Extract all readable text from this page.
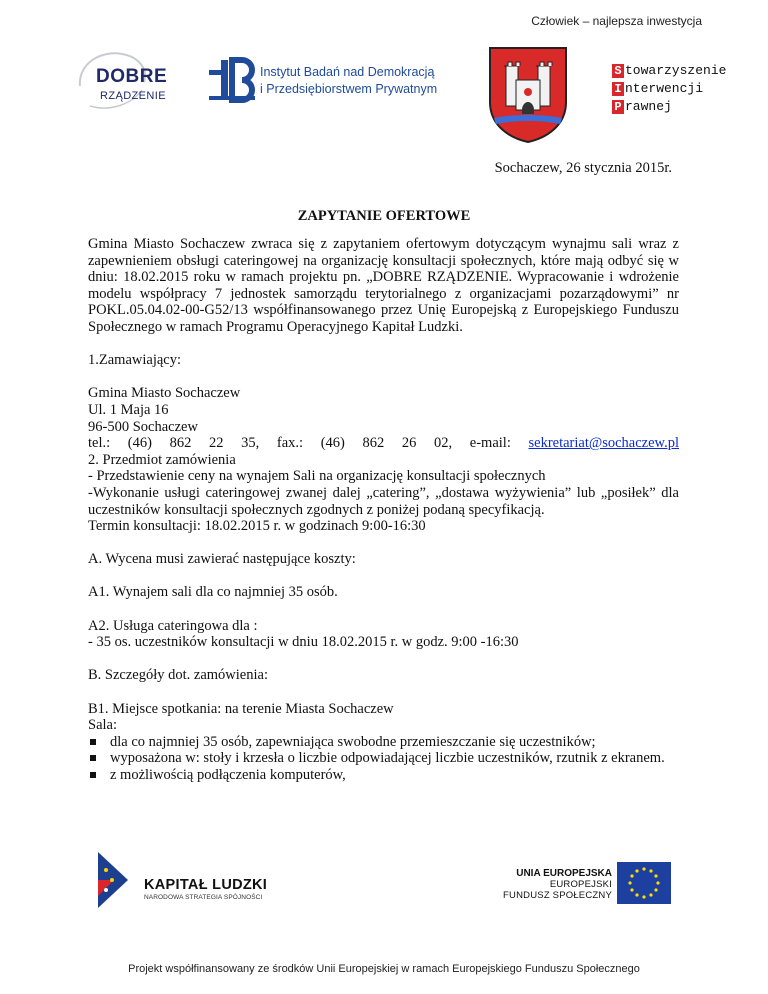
Człowiek – najlepsza inwestycja
DOBRE
RZĄDZENIE
Instytut Badań nad Demokracją
i Przedsiębiorstwem Prywatnym
S towarzyszenie
I nterwencji
P rawnej
Sochaczew, 26 stycznia 2015r.
ZAPYTANIE OFERTOWE

Gmina Miasto Sochaczew zwraca się z zapytaniem ofertowym dotyczącym wynajmu sali wraz z zapewnieniem obsługi cateringowej na organizację konsultacji społecznych, które mają odbyć się w dniu: 18.02.2015 roku w ramach projektu pn. „DOBRE RZĄDZENIE. Wypracowanie i wdrożenie modelu współpracy 7 jednostek samorządu terytorialnego z organizacjami pozarządowymi” nr POKL.05.04.02-00-G52/13 współfinansowanego przez Unię Europejską z Europejskiego Funduszu Społecznego w ramach Programu Operacyjnego Kapitał Ludzki.

1.Zamawiający:

Gmina Miasto Sochaczew

Ul. 1 Maja 16

96-500 Sochaczew

tel.: (46) 862 22 35, fax.: (46) 862 26 02, e-mail: sekretariat@sochaczew.pl

2. Przedmiot zamówienia

- Przedstawienie ceny na wynajem Sali na organizację konsultacji społecznych

-Wykonanie usługi cateringowej zwanej dalej „catering”, „dostawa wyżywienia” lub „posiłek” dla uczestników konsultacji społecznych zgodnych z poniżej podaną specyfikacją.

Termin konsultacji: 18.02.2015 r. w godzinach 9:00-16:30

A. Wycena musi zawierać następujące koszty:

A1. Wynajem sali dla co najmniej 35 osób.

A2. Usługa cateringowa dla :

- 35 os. uczestników konsultacji w dniu 18.02.2015 r. w godz. 9:00 -16:30

B. Szczegóły dot. zamówienia:

B1. Miejsce spotkania: na terenie Miasta Sochaczew

Sala:

dla co najmniej 35 osób, zapewniająca swobodne przemieszczanie się uczestników;
wyposażona w: stoły i krzesła o liczbie odpowiadającej liczbie uczestników, rzutnik z ekranem.
z możliwością podłączenia komputerów,
KAPITAŁ LUDZKI
NARODOWA STRATEGIA SPÓJNOŚCI
UNIA EUROPEJSKA
EUROPEJSKI
FUNDUSZ SPOŁECZNY
Projekt współfinansowany ze środków Unii Europejskiej w ramach Europejskiego Funduszu Społecznego
